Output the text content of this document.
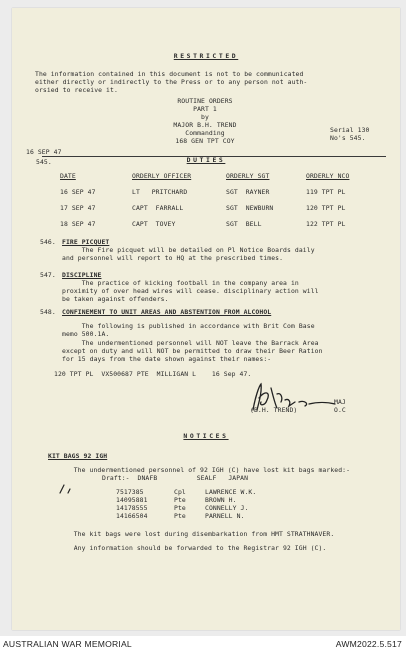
RESTRICTED
The information contained in this document is not to be communicated
either directly or indirectly to the Press or to any person not auth-
orsied to receive it.
ROUTINE ORDERS
PART 1
by
MAJOR B.H. TREND
Commanding
168 GEN TPT COY
Serial 130
No's 545.
16 SEP 47
545.	DUTIES
DATE	ORDERLY OFFICER	ORDERLY SGT	ORDERLY NCO
16 SEP 47	LT   PRITCHARD	SGT  RAYNER	119 TPT PL
17 SEP 47	CAPT  FARRALL	SGT  NEWBURN	120 TPT PL
18 SEP 47	CAPT  TOVEY	SGT  BELL	122 TPT PL
546. FIRE PICQUET
The Fire picquet will be detailed on Pl Notice Boards daily
and personnel will report to HQ at the prescribed times.
547. DISCIPLINE
The practice of kicking football in the company area in
proximity of over head wires will cease. disciplinary action will
be taken against offenders.
548. CONFINEMENT TO UNIT AREAS AND ABSTENTION FROM ALCOHOL
The following is published in accordance with Brit Com Base
memo 500.1A.
The undermentioned personnel will NOT leave the Barrack Area
except on duty and will NOT be permitted to draw their Beer Ration
for 15 days from the date shown against their names:-
120 TPT PL  VX500687 PTE  MILLIGAN L    16 Sep 47.
(B.H. TREND)
MAJ
O.C
NOTICES
KIT BAGS 92 IGH
The undermentioned personnel of 92 IGH (C) have lost kit bags marked:-
Draft:-  DNAFB          SEALF   JAPAN
7517385	Cpl	LAWRENCE W.K.
14095881	Pte	BROWN H.
14178555	Pte	CONNELLY J.
14166504	Pte	PARNELL N.
The kit bags were lost during disembarkation from HMT STRATHNAVER.
Any information should be forwarded to the Registrar 92 IGH (C).
AUSTRALIAN WAR MEMORIAL	AWM2022.5.517
